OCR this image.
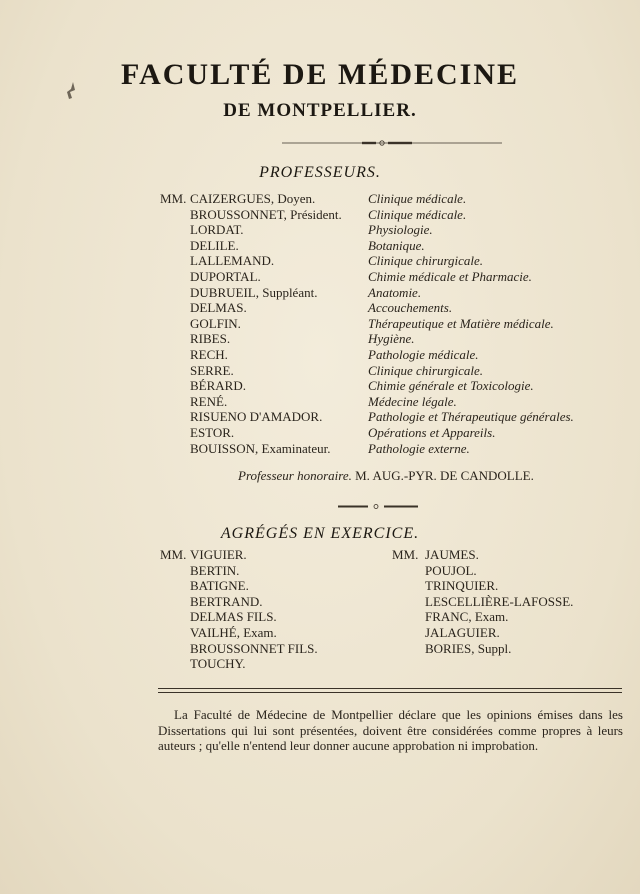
FACULTÉ DE MÉDECINE
DE MONTPELLIER.
PROFESSEURS.
MM. CAIZERGUES, Doyen.
BROUSSONNET, Président.
LORDAT.
DELILE.
LALLEMAND.
DUPORTAL.
DUBRUEIL, Suppléant.
DELMAS.
GOLFIN.
RIBES.
RECH.
SERRE.
BÉRARD.
RENÉ.
RISUENO D'AMADOR.
ESTOR.
BOUISSON, Examinateur.
Clinique médicale.
Clinique médicale.
Physiologie.
Botanique.
Clinique chirurgicale.
Chimie médicale et Pharmacie.
Anatomie.
Accouchements.
Thérapeutique et Matière médicale.
Hygiène.
Pathologie médicale.
Clinique chirurgicale.
Chimie générale et Toxicologie.
Médecine légale.
Pathologie et Thérapeutique générales.
Opérations et Appareils.
Pathologie externe.
Professeur honoraire. M. AUG.-PYR. DE CANDOLLE.
AGRÉGÉS EN EXERCICE.
MM. VIGUIER.
BERTIN.
BATIGNE.
BERTRAND.
DELMAS FILS.
VAILHÉ, Exam.
BROUSSONNET FILS.
TOUCHY.
MM. JAUMES.
POUJOL.
TRINQUIER.
LESCELLIÈRE-LAFOSSE.
FRANC, Exam.
JALAGUIER.
BORIES, Suppl.
La Faculté de Médecine de Montpellier déclare que les opinions émises dans les Dissertations qui lui sont présentées, doivent être considérées comme propres à leurs auteurs ; qu'elle n'entend leur donner aucune approbation ni improbation.
